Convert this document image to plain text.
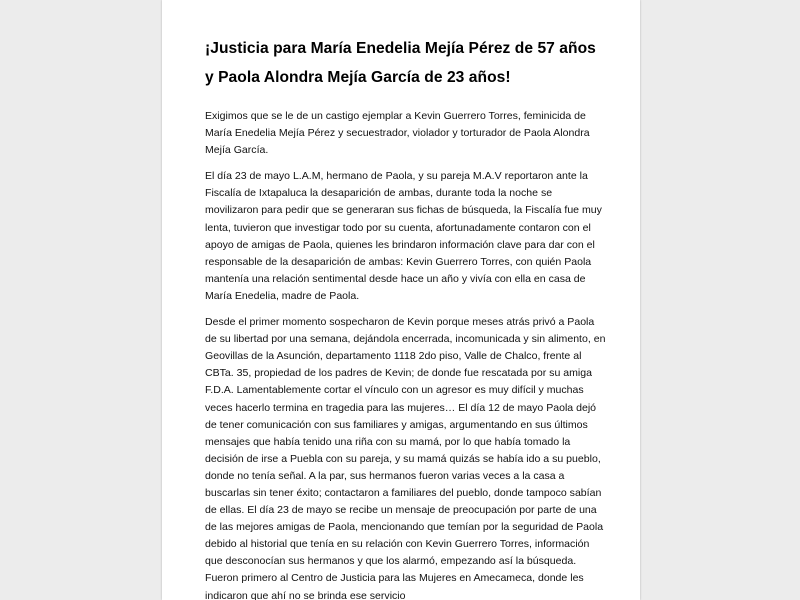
¡Justicia para María Enedelia Mejía Pérez de 57 años y Paola Alondra Mejía García de 23 años!

Exigimos que se le de un castigo ejemplar a Kevin Guerrero Torres, feminicida de María Enedelia Mejía Pérez y secuestrador, violador y torturador de Paola Alondra Mejía García.

El día 23 de mayo L.A.M, hermano de Paola, y su pareja M.A.V reportaron ante la Fiscalía de Ixtapaluca la desaparición de ambas, durante toda la noche se movilizaron para pedir que se generaran sus fichas de búsqueda, la Fiscalía fue muy lenta, tuvieron que investigar todo por su cuenta, afortunadamente contaron con el apoyo de amigas de Paola, quienes les brindaron información clave para dar con el responsable de la desaparición de ambas: Kevin Guerrero Torres, con quién Paola mantenía una relación sentimental desde hace un año y vivía con ella en casa de María Enedelia, madre de Paola.

Desde el primer momento sospecharon de Kevin porque meses atrás privó a Paola de su libertad por una semana, dejándola encerrada, incomunicada y sin alimento, en Geovillas de la Asunción, departamento 1118 2do piso, Valle de Chalco, frente al CBTa. 35, propiedad de los padres de Kevin; de donde fue rescatada por su amiga F.D.A. Lamentablemente cortar el vínculo con un agresor es muy difícil y muchas veces hacerlo termina en tragedia para las mujeres… El día 12 de mayo Paola dejó de tener comunicación con sus familiares y amigas, argumentando en sus últimos mensajes que había tenido una riña con su mamá, por lo que había tomado la decisión de irse a Puebla con su pareja, y su mamá quizás se había ido a su pueblo, donde no tenía señal. A la par, sus hermanos fueron varias veces a la casa a buscarlas sin tener éxito; contactaron a familiares del pueblo, donde tampoco sabían de ellas. El día 23 de mayo se recibe un mensaje de preocupación por parte de una de las mejores amigas de Paola, mencionando que temían por la seguridad de Paola debido al historial que tenía en su relación con Kevin Guerrero Torres, información que desconocían sus hermanos y que los alarmó, empezando así la búsqueda. Fueron primero al Centro de Justicia para las Mujeres en Amecameca, donde les indicaron que ahí no se brinda ese servicio
